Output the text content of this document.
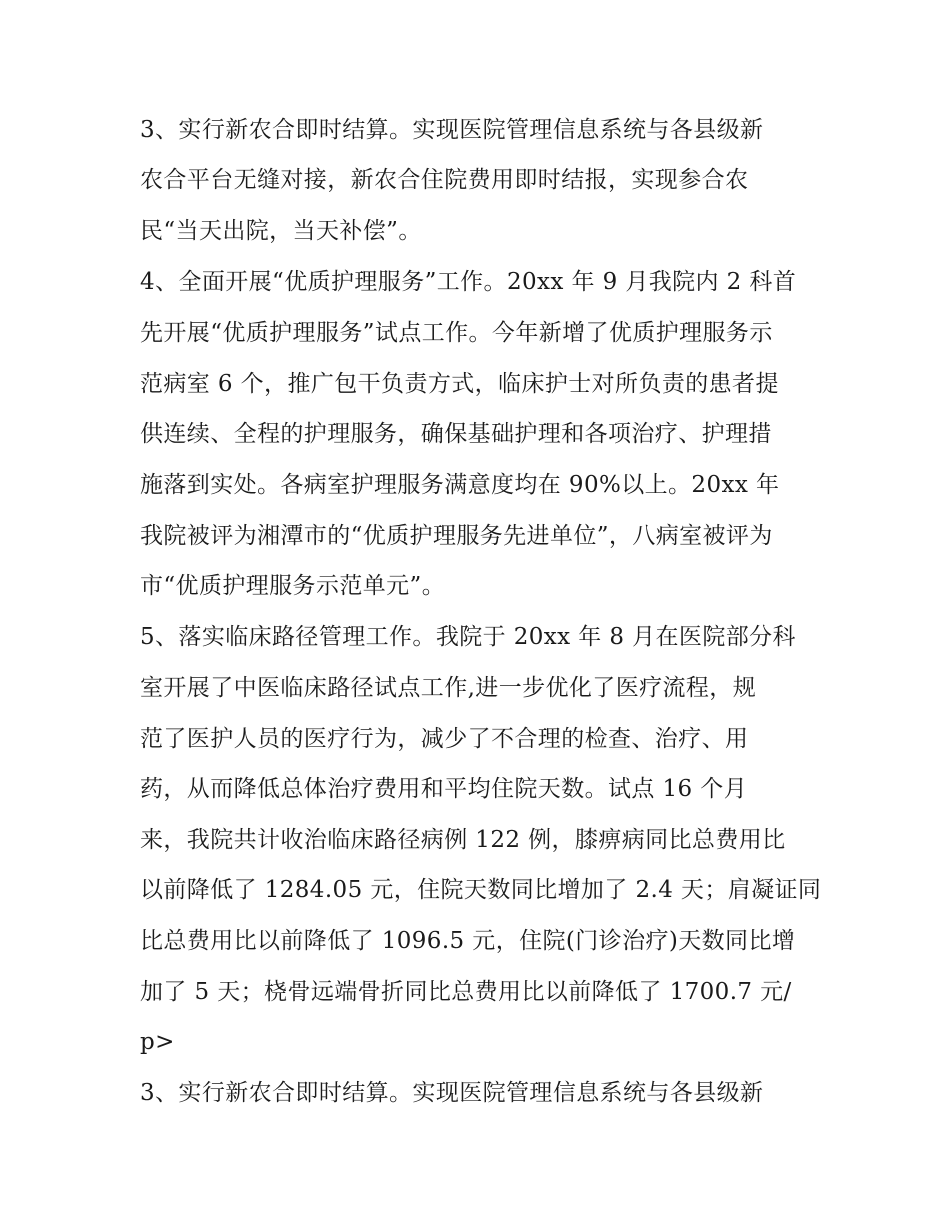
3、实行新农合即时结算。实现医院管理信息系统与各县级新
农合平台无缝对接，新农合住院费用即时结报，实现参合农
民“当天出院，当天补偿”。
4、全面开展“优质护理服务”工作。20xx 年 9 月我院内 2 科首
先开展“优质护理服务”试点工作。今年新增了优质护理服务示
范病室 6 个，推广包干负责方式，临床护士对所负责的患者提
供连续、全程的护理服务，确保基础护理和各项治疗、护理措
施落到实处。各病室护理服务满意度均在 90%以上。20xx 年
我院被评为湘潭市的“优质护理服务先进单位”，八病室被评为
市“优质护理服务示范单元”。
5、落实临床路径管理工作。我院于 20xx 年 8 月在医院部分科
室开展了中医临床路径试点工作,进一步优化了医疗流程，规
范了医护人员的医疗行为，减少了不合理的检查、治疗、用
药，从而降低总体治疗费用和平均住院天数。试点 16 个月
来，我院共计收治临床路径病例 122 例，膝痹病同比总费用比
以前降低了 1284.05 元，住院天数同比增加了 2.4 天；肩凝证同
比总费用比以前降低了 1096.5 元，住院(门诊治疗)天数同比增
加了 5 天；桡骨远端骨折同比总费用比以前降低了 1700.7 元/
p>
3、实行新农合即时结算。实现医院管理信息系统与各县级新
